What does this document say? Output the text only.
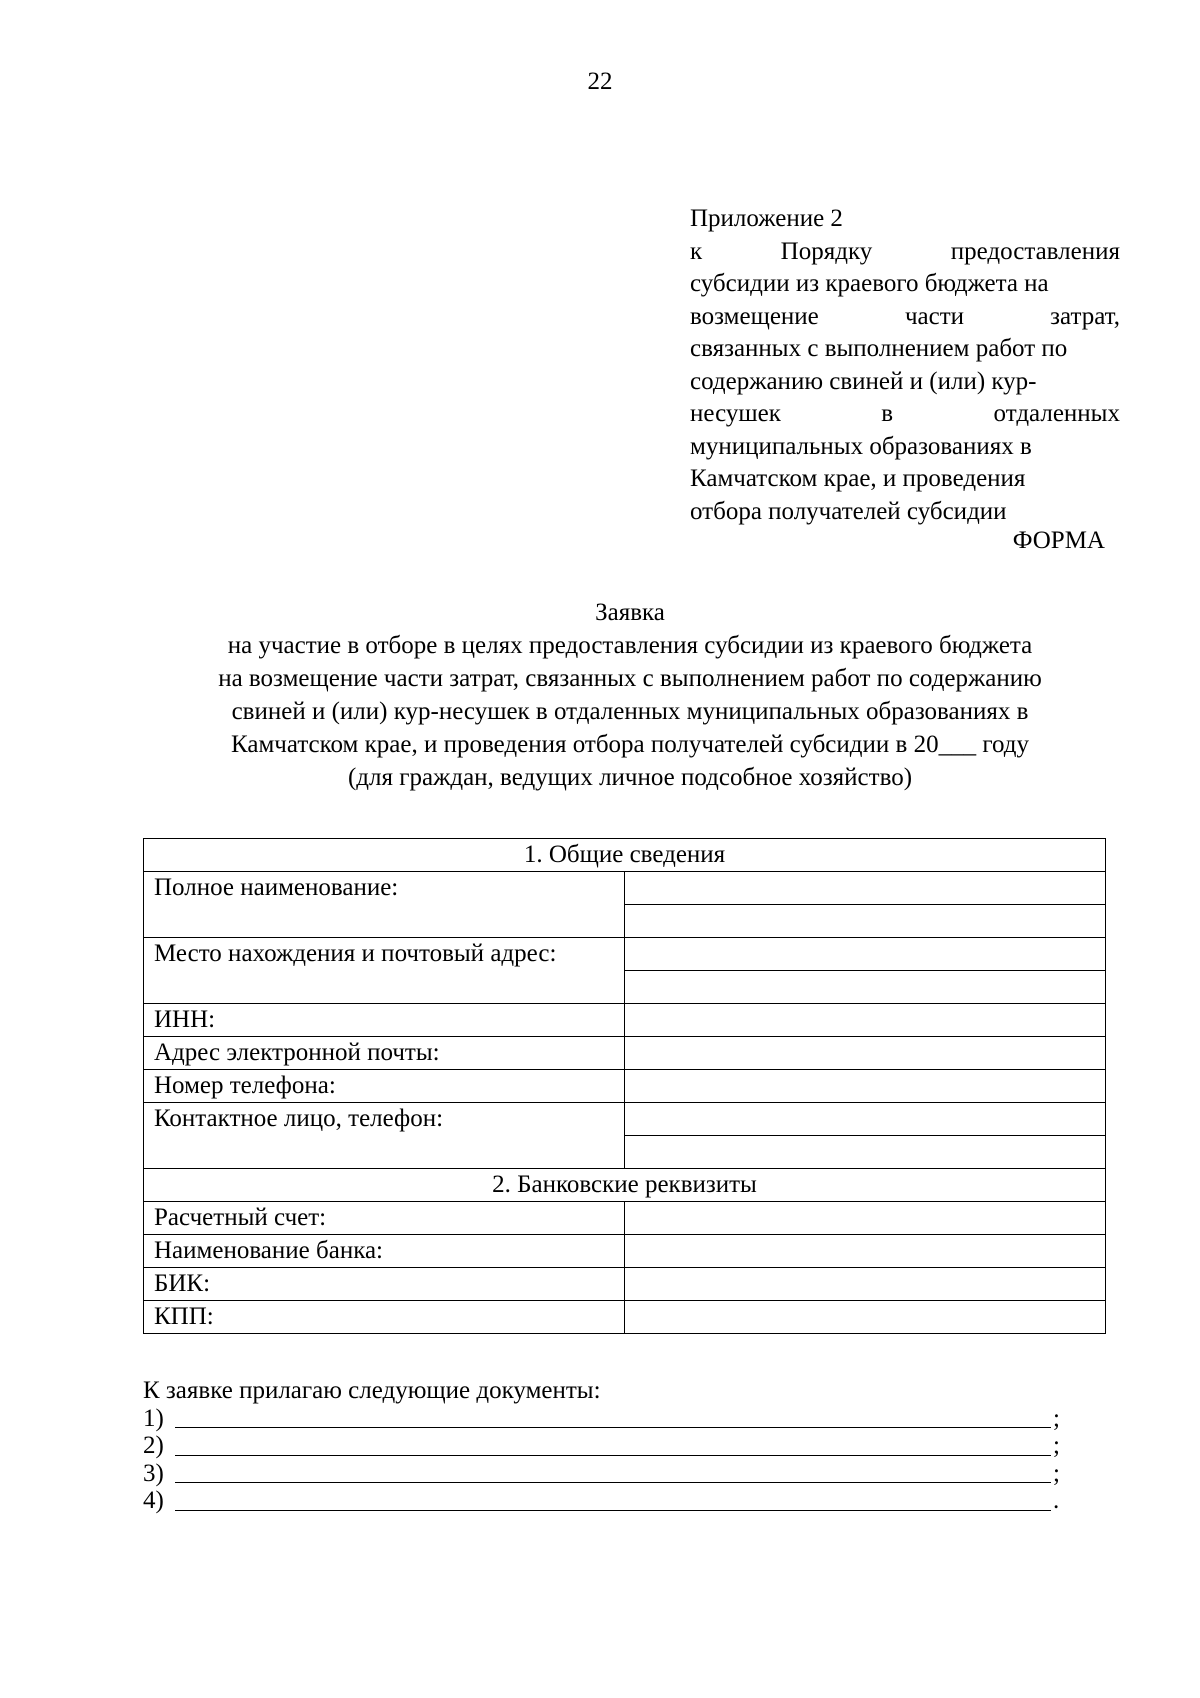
22
Приложение 2
к	Порядку	предоставления
субсидии из краевого бюджета на
возмещение	части	затрат,
связанных с выполнением работ по
содержанию свиней и (или) кур-
несушек	в	отдаленных
муниципальных образованиях в
Камчатском крае, и проведения
отбора получателей субсидии
ФОРМА
Заявка
на участие в отборе в целях предоставления субсидии из краевого бюджета
на возмещение части затрат, связанных с выполнением работ по содержанию
свиней и (или) кур-несушек в отдаленных муниципальных образованиях в
Камчатском крае, и проведения отбора получателей субсидии в 20___ году
(для граждан, ведущих личное подсобное хозяйство)
1. Общие сведения	
Полное наименование:	

Место нахождения и почтовый адрес:	

ИНН:	
Адрес электронной почты:	
Номер телефона:	
Контактное лицо, телефон:	

2. Банковские реквизиты	
Расчетный счет:	
Наименование банка:	
БИК:	
КПП:	
К заявке прилагаю следующие документы:
1)	;
2)	;
3)	;
4)	.
